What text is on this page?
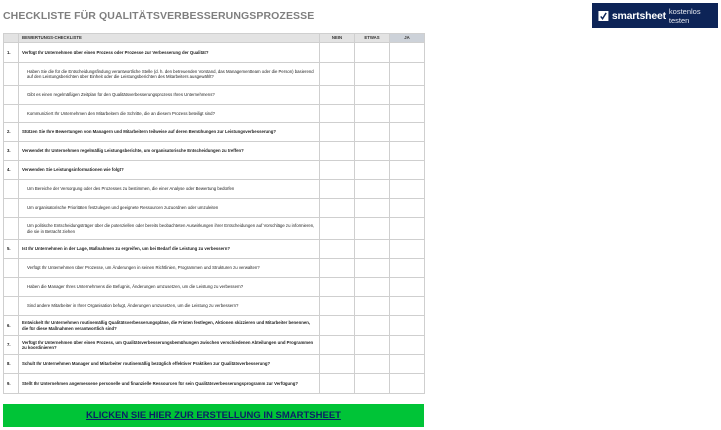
CHECKLISTE FÜR QUALITÄTSVERBESSERUNGSPROZESSE	smartsheet kostenlos testen
	BEWERTUNGS-CHECKLISTE	NEIN	ETWAS	JA
1.	Verfügt Ihr Unternehmen über einen Prozess oder Prozesse zur Verbesserung der Qualität?			
	Haben Sie die für die Entscheidungsfindung verantwortliche Stelle (d. h. den betreuenden Vorstand, das Managementteam oder die Person) basierend auf den Leistungsberichten über Einheit oder die Leistungsberichten des Mitarbeiters ausgewählt?			
	Gibt es einen regelmäßigen Zeitplan für den Qualitätsverbesserungsprozess Ihres Unternehmens?			
	Kommuniziert Ihr Unternehmen den Mitarbeitern die Schritte, die an diesem Prozess beteiligt sind?			
2.	Stützen Sie Ihre Bewertungen von Managern und Mitarbeitern teilweise auf deren Bemühungen zur Leistungsverbesserung?			
3.	Verwendet Ihr Unternehmen regelmäßig Leistungsberichte, um organisatorische Entscheidungen zu treffen?			
4.	Verwenden Sie Leistungsinformationen wie folgt?			
	Um Bereiche der Versorgung oder des Prozesses zu bestimmen, die einer Analyse oder Bewertung bedürfen			
	Um organisatorische Prioritäten festzulegen und geeignete Ressourcen zuzuordnen oder umzuleiten			
	Um politische Entscheidungsträger über die potenziellen oder bereits beobachteten Auswirkungen ihrer Entscheidungen auf Vorschläge zu informieren, die sie in Betracht ziehen			
5.	Ist Ihr Unternehmen in der Lage, Maßnahmen zu ergreifen, um bei Bedarf die Leistung zu verbessern?			
	Verfügt Ihr Unternehmen über Prozesse, um Änderungen in seinen Richtlinien, Programmen und Strukturen zu verwalten?			
	Haben die Manager Ihres Unternehmens die Befugnis, Änderungen umzusetzen, um die Leistung zu verbessern?			
	Sind andere Mitarbeiter in Ihrer Organisation befugt, Änderungen umzusetzen, um die Leistung zu verbessern?			
6.	Entwickelt Ihr Unternehmen routinemäßig Qualitätsverbesserungspläne, die Fristen festlegen, Aktionen skizzieren und Mitarbeiter benennen, die für diese Maßnahmen verantwortlich sind?			
7.	Verfügt Ihr Unternehmen über einen Prozess, um Qualitätsverbesserungsbemühungen zwischen verschiedenen Abteilungen und Programmen zu koordinieren?			
8.	Schult Ihr Unternehmen Manager und Mitarbeiter routinemäßig bezüglich effektiver Praktiken zur Qualitätsverbesserung?			
9.	Stellt Ihr Unternehmen angemessene personelle und finanzielle Ressourcen für sein Qualitätsverbesserungsprogramm zur Verfügung?			
KLICKEN SIE HIER ZUR ERSTELLUNG IN SMARTSHEET
